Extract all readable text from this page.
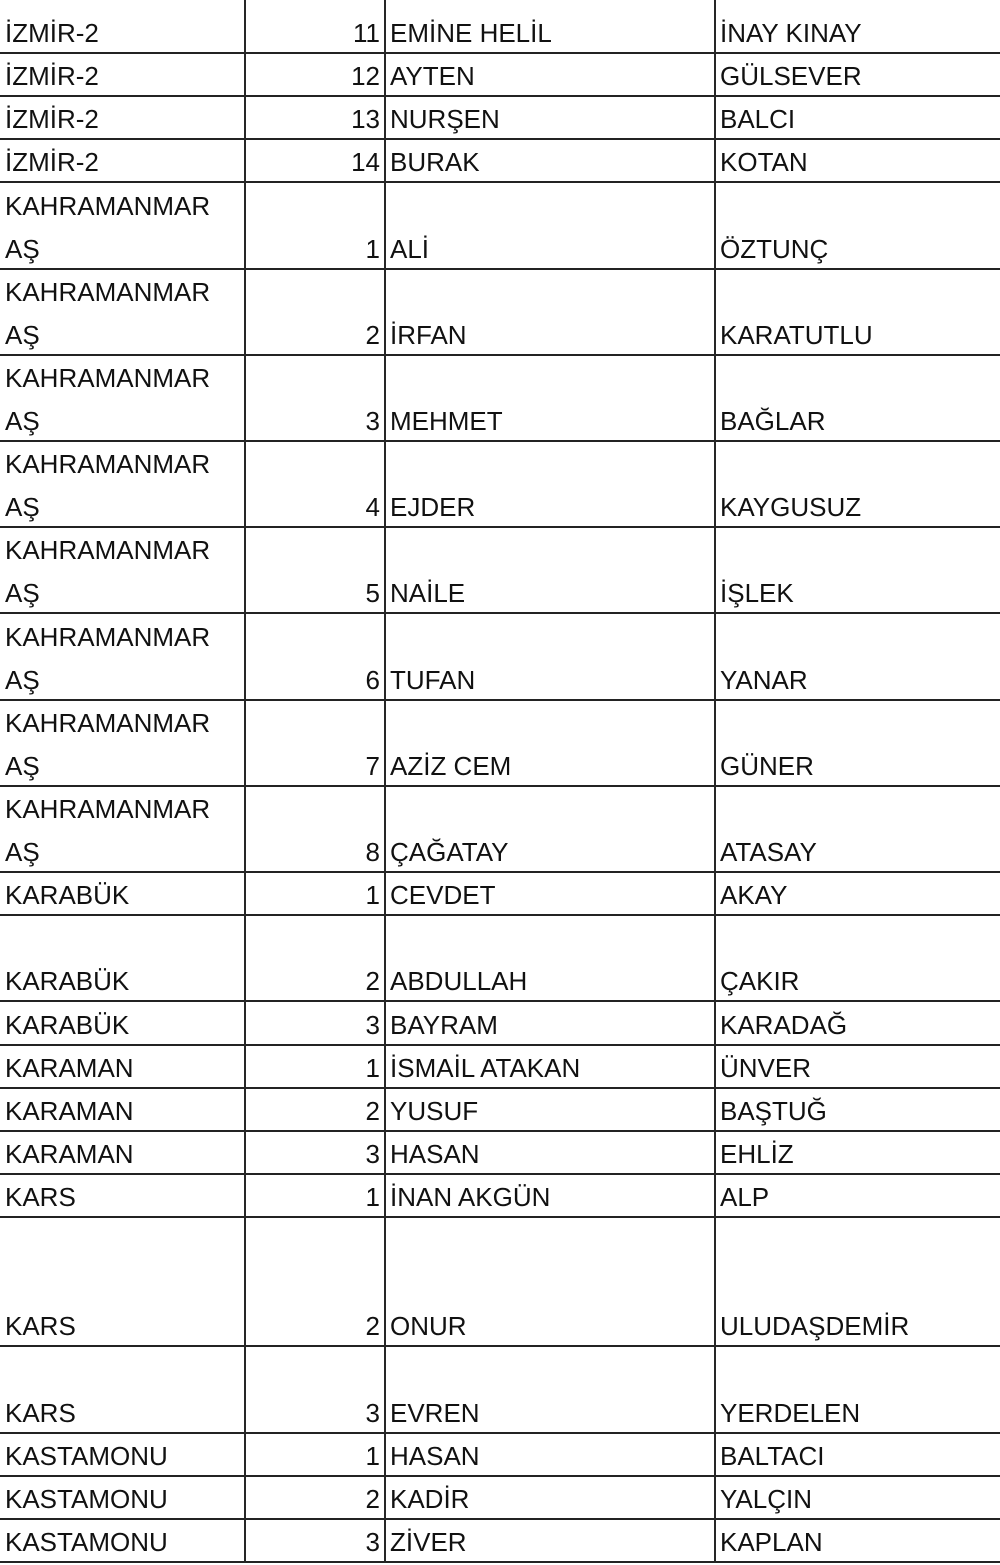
İZMİR-2	11 EMİNE HELİL	İNAY KINAY
İZMİR-2	12 AYTEN	GÜLSEVER
İZMİR-2	13 NURŞEN	BALCI
İZMİR-2	14 BURAK	KOTAN
KAHRAMANMAR
AŞ	1 ALİ	ÖZTUNÇ
KAHRAMANMAR
AŞ	2 İRFAN	KARATUTLU
KAHRAMANMAR
AŞ	3 MEHMET	BAĞLAR
KAHRAMANMAR
AŞ	4 EJDER	KAYGUSUZ
KAHRAMANMAR
AŞ	5 NAİLE	İŞLEK
KAHRAMANMAR
AŞ	6 TUFAN	YANAR
KAHRAMANMAR
AŞ	7 AZİZ CEM	GÜNER
KAHRAMANMAR
AŞ	8 ÇAĞATAY	ATASAY
KARABÜK	1 CEVDET	AKAY
KARABÜK	2 ABDULLAH	ÇAKIR
KARABÜK	3 BAYRAM	KARADAĞ
KARAMAN	1 İSMAİL ATAKAN	ÜNVER
KARAMAN	2 YUSUF	BAŞTUĞ
KARAMAN	3 HASAN	EHLİZ
KARS	1 İNAN AKGÜN	ALP
KARS	2 ONUR	ULUDAŞDEMİR
KARS	3 EVREN	YERDELEN
KASTAMONU	1 HASAN	BALTACI
KASTAMONU	2 KADİR	YALÇIN
KASTAMONU	3 ZİVER	KAPLAN
